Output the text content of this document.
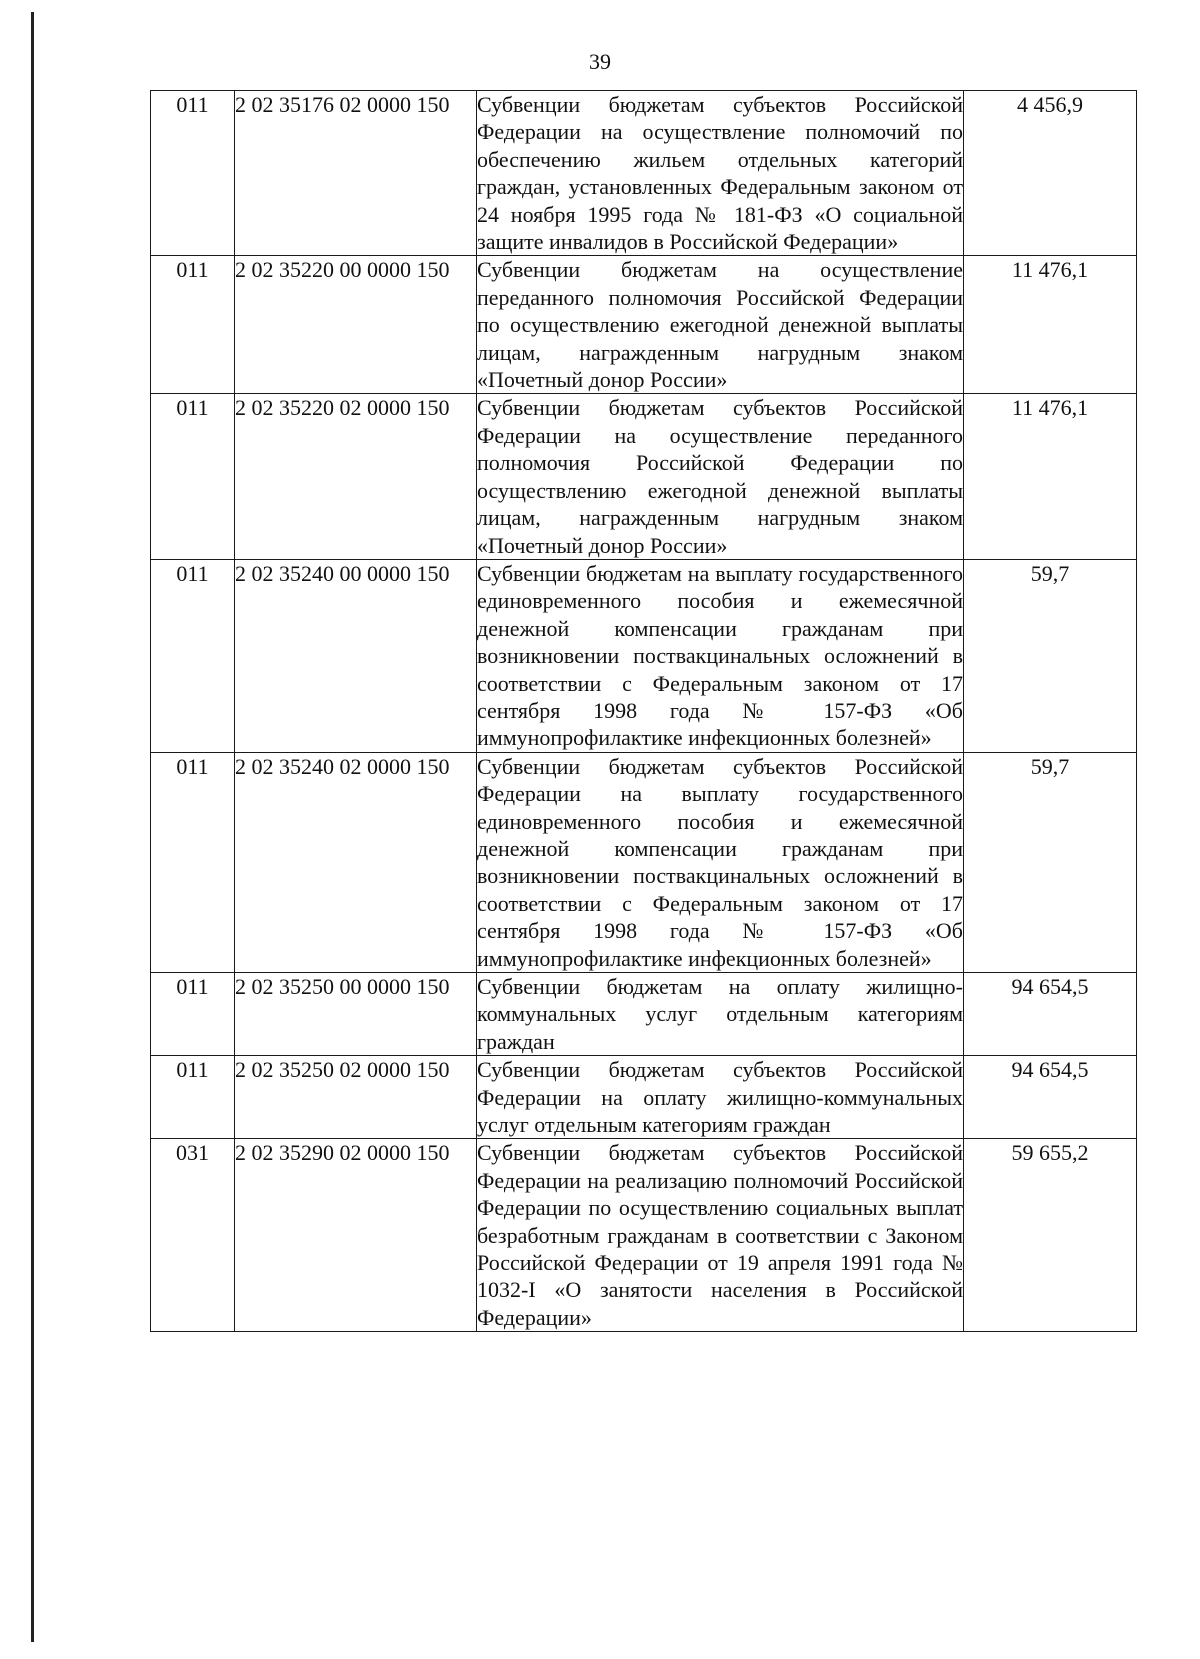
39
011	2 02 35176 02 0000 150	Субвенции бюджетам субъектов Российской Федерации на осуществление полномочий по обеспечению жильем отдельных категорий граждан, установленных Федеральным законом от 24 ноября 1995 года № 181-ФЗ «О социальной защите инвалидов в Российской Федерации»	4 456,9
011	2 02 35220 00 0000 150	Субвенции бюджетам на осуществление переданного полномочия Российской Федерации по осуществлению ежегодной денежной выплаты лицам, награжденным нагрудным знаком «Почетный донор России»	11 476,1
011	2 02 35220 02 0000 150	Субвенции бюджетам субъектов Российской Федерации на осуществление переданного полномочия Российской Федерации по осуществлению ежегодной денежной выплаты лицам, награжденным нагрудным знаком «Почетный донор России»	11 476,1
011	2 02 35240 00 0000 150	Субвенции бюджетам на выплату государственного единовременного пособия и ежемесячной денежной компенсации гражданам при возникновении поствакцинальных осложнений в соответствии с Федеральным законом от 17 сентября 1998 года № 157-ФЗ «Об иммунопрофилактике инфекционных болезней»	59,7
011	2 02 35240 02 0000 150	Субвенции бюджетам субъектов Российской Федерации на выплату государственного единовременного пособия и ежемесячной денежной компенсации гражданам при возникновении поствакцинальных осложнений в соответствии с Федеральным законом от 17 сентября 1998 года № 157-ФЗ «Об иммунопрофилактике инфекционных болезней»	59,7
011	2 02 35250 00 0000 150	Субвенции бюджетам на оплату жилищно-коммунальных услуг отдельным категориям граждан	94 654,5
011	2 02 35250 02 0000 150	Субвенции бюджетам субъектов Российской Федерации на оплату жилищно-коммунальных услуг отдельным категориям граждан	94 654,5
031	2 02 35290 02 0000 150	Субвенции бюджетам субъектов Российской Федерации на реализацию полномочий Российской Федерации по осуществлению социальных выплат безработным гражданам в соответствии с Законом Российской Федерации от 19 апреля 1991 года № 1032-I «О занятости населения в Российской Федерации»	59 655,2
